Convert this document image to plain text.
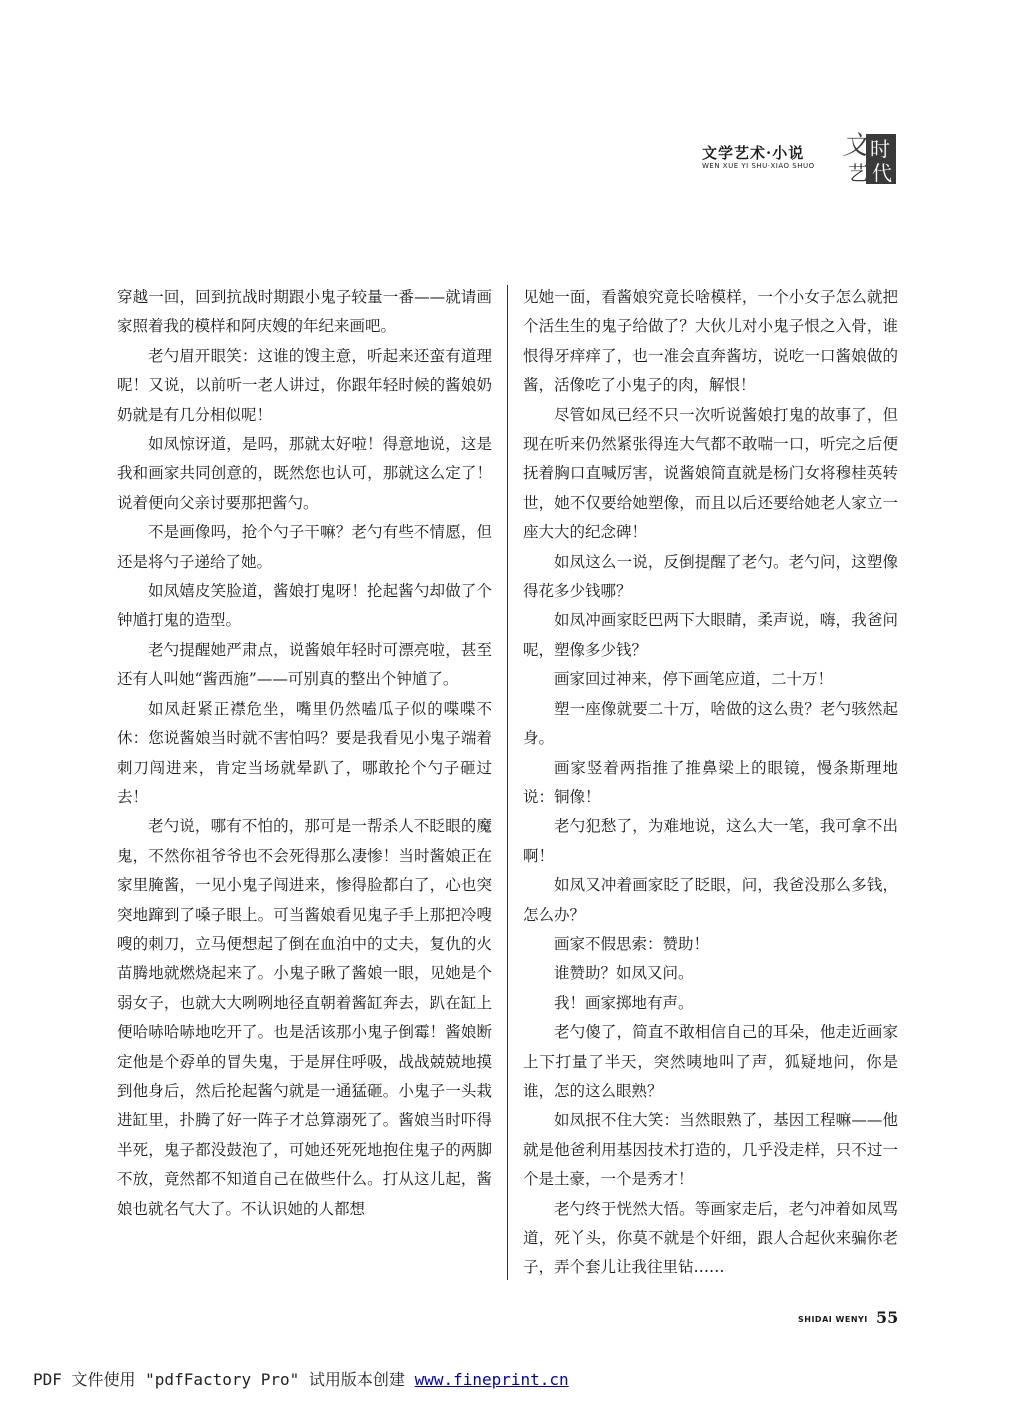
文学艺术·小说
WEN XUE YI SHU·XIAO SHUO
文 时
艺 代

穿越一回，回到抗战时期跟小鬼子较量一番——就请画家照着我的模样和阿庆嫂的年纪来画吧。

老勺眉开眼笑：这谁的馊主意，听起来还蛮有道理呢！又说，以前听一老人讲过，你跟年轻时候的酱娘奶奶就是有几分相似呢！

如凤惊讶道，是吗，那就太好啦！得意地说，这是我和画家共同创意的，既然您也认可，那就这么定了！说着便向父亲讨要那把酱勺。

不是画像吗，抢个勺子干嘛？老勺有些不情愿，但还是将勺子递给了她。

如凤嬉皮笑脸道，酱娘打鬼呀！抡起酱勺却做了个钟馗打鬼的造型。

老勺提醒她严肃点，说酱娘年轻时可漂亮啦，甚至还有人叫她“酱西施”——可别真的整出个钟馗了。

如凤赶紧正襟危坐，嘴里仍然嗑瓜子似的喋喋不休：您说酱娘当时就不害怕吗？要是我看见小鬼子端着刺刀闯进来，肯定当场就晕趴了，哪敢抡个勺子砸过去！

老勺说，哪有不怕的，那可是一帮杀人不眨眼的魔鬼，不然你祖爷爷也不会死得那么凄惨！当时酱娘正在家里腌酱，一见小鬼子闯进来，惨得脸都白了，心也突突地蹿到了嗓子眼上。可当酱娘看见鬼子手上那把冷嗖嗖的刺刀，立马便想起了倒在血泊中的丈夫，复仇的火苗腾地就燃烧起来了。小鬼子瞅了酱娘一眼，见她是个弱女子，也就大大咧咧地径直朝着酱缸奔去，趴在缸上便哈哧哈哧地吃开了。也是活该那小鬼子倒霉！酱娘断定他是个孬单的冒失鬼，于是屏住呼吸，战战兢兢地摸到他身后，然后抡起酱勺就是一通猛砸。小鬼子一头栽进缸里，扑腾了好一阵子才总算溺死了。酱娘当时吓得半死，鬼子都没鼓泡了，可她还死死地抱住鬼子的两脚不放，竟然都不知道自己在做些什么。打从这儿起，酱娘也就名气大了。不认识她的人都想

见她一面，看酱娘究竟长啥模样，一个小女子怎么就把个活生生的鬼子给做了？大伙儿对小鬼子恨之入骨，谁恨得牙痒痒了，也一准会直奔酱坊，说吃一口酱娘做的酱，活像吃了小鬼子的肉，解恨！

尽管如凤已经不只一次听说酱娘打鬼的故事了，但现在听来仍然紧张得连大气都不敢喘一口，听完之后便抚着胸口直喊厉害，说酱娘简直就是杨门女将穆桂英转世，她不仅要给她塑像，而且以后还要给她老人家立一座大大的纪念碑！

如凤这么一说，反倒提醒了老勺。老勺问，这塑像得花多少钱哪？

如凤冲画家眨巴两下大眼睛，柔声说，嗨，我爸问呢，塑像多少钱？

画家回过神来，停下画笔应道，二十万！

塑一座像就要二十万，啥做的这么贵？老勺骇然起身。

画家竖着两指推了推鼻梁上的眼镜，慢条斯理地说：铜像！

老勺犯愁了，为难地说，这么大一笔，我可拿不出啊！

如凤又冲着画家眨了眨眼，问，我爸没那么多钱，怎么办？

画家不假思索：赞助！

谁赞助？如凤又问。

我！画家掷地有声。

老勺傻了，简直不敢相信自己的耳朵，他走近画家上下打量了半天，突然咦地叫了声，狐疑地问，你是谁，怎的这么眼熟？

如凤抿不住大笑：当然眼熟了，基因工程嘛——他就是他爸利用基因技术打造的，几乎没走样，只不过一个是土豪，一个是秀才！

老勺终于恍然大悟。等画家走后，老勺冲着如凤骂道，死丫头，你莫不就是个奸细，跟人合起伙来骗你老子，弄个套儿让我往里钻……

SHIDAI WENYI 55
PDF 文件使用 "pdfFactory Pro" 试用版本创建 www.fineprint.cn
